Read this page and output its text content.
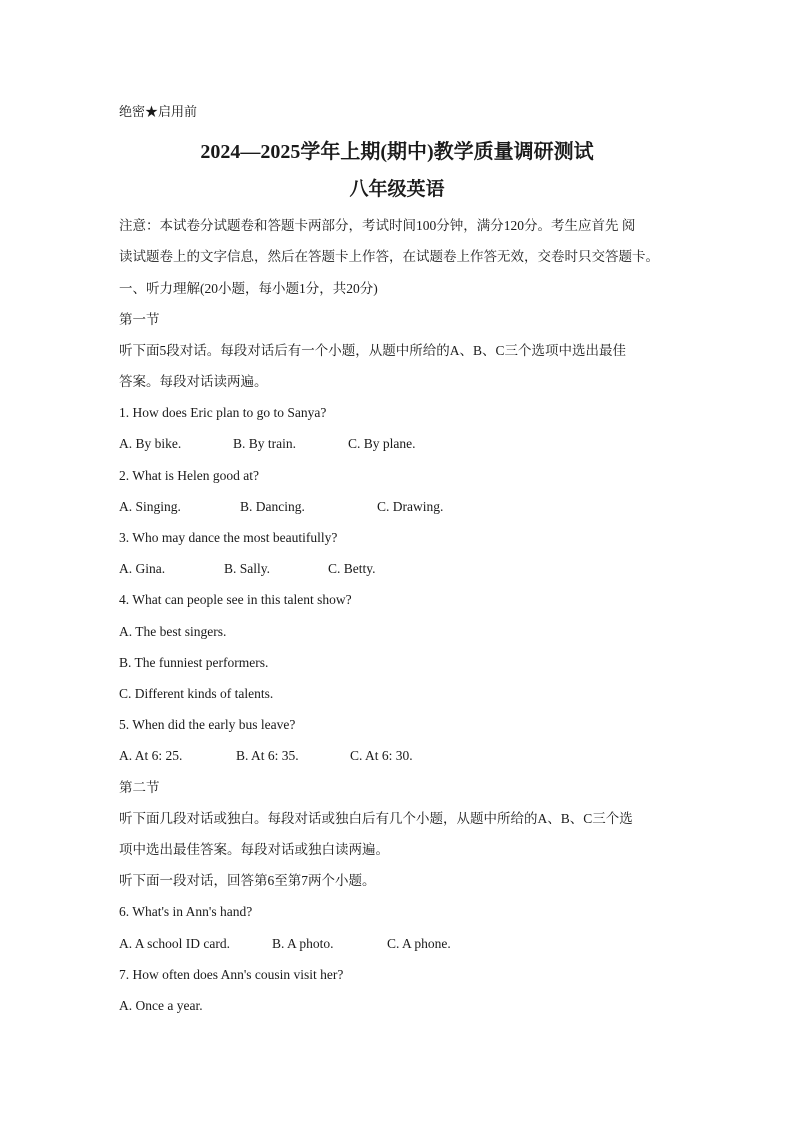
绝密★启用前
2024—2025学年上期(期中)教学质量调研测试
八年级英语
注意：本试卷分试题卷和答题卡两部分，考试时间100分钟，满分120分。考生应首先 阅
读试题卷上的文字信息，然后在答题卡上作答，在试题卷上作答无效，交卷时只交答题卡。
一、听力理解(20小题，每小题1分，共20分)
第一节
听下面5段对话。每段对话后有一个小题，从题中所给的A、B、C三个选项中选出最佳
答案。每段对话读两遍。
1. How does Eric plan to go to Sanya?
A. By bike.	B. By train.	C. By plane.
2. What is Helen good at?
A. Singing.	B. Dancing.	C. Drawing.
3. Who may dance the most beautifully?
A. Gina.	B. Sally.	C. Betty.
4. What can people see in this talent show?
A. The best singers.
B. The funniest performers.
C. Different kinds of talents.
5. When did the early bus leave?
A. At 6: 25.	B. At 6: 35.	C. At 6: 30.
第二节
听下面几段对话或独白。每段对话或独白后有几个小题，从题中所给的A、B、C三个选
项中选出最佳答案。每段对话或独白读两遍。
听下面一段对话，回答第6至第7两个小题。
6. What's in Ann's hand?
A. A school ID card.	B. A photo.	C. A phone.
7. How often does Ann's cousin visit her?
A. Once a year.
